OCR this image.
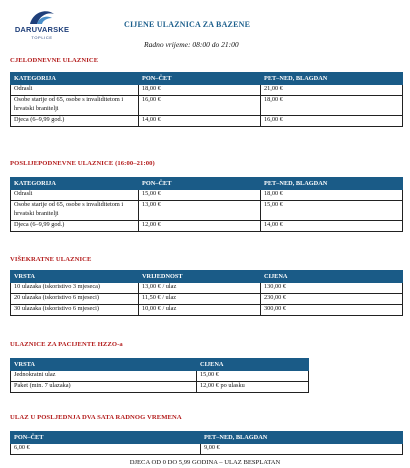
DARUVARSKE
TOPLICE
CIJENE ULAZNICA ZA BAZENE
Radno vrijeme: 08:00 do 21:00
CJELODNEVNE ULAZNICE
KATEGORIJA	PON–ČET	PET–NED, BLAGDAN
Odrasli	18,00 €	21,00 €
Osobe starije od 65, osobe s invaliditetom i hrvatski branitelji	16,00 €	18,00 €
Djeca (6–9,99 god.)	14,00 €	16,00 €
POSLIJEPODNEVNE ULAZNICE (16:00–21:00)
KATEGORIJA	PON–ČET	PET–NED, BLAGDAN
Odrasli	15,00 €	18,00 €
Osobe starije od 65, osobe s invaliditetom i hrvatski branitelji	13,00 €	15,00 €
Djeca (6–9,99 god.)	12,00 €	14,00 €
VIŠEKRATNE ULAZNICE
VRSTA	VRIJEDNOST	CIJENA
10 ulazaka (iskoristivo 3 mjeseca)	13,00 € / ulaz	130,00 €
20 ulazaka (iskoristivo 6 mjeseci)	11,50 € / ulaz	230,00 €
30 ulazaka (iskoristivo 6 mjeseci)	10,00 € / ulaz	300,00 €
ULAZNICE ZA PACIJENTE HZZO-a
VRSTA	CIJENA
Jednokratni ulaz	15,00 €
Paket (min. 7 ulazaka)	12,00 € po ulasku
ULAZ U POSLJEDNJA DVA SATA RADNOG VREMENA
PON–ČET	PET–NED, BLAGDAN
6,00 €	9,00 €
DJECA OD 0 DO 5,99 GODINA – ULAZ BESPLATAN
